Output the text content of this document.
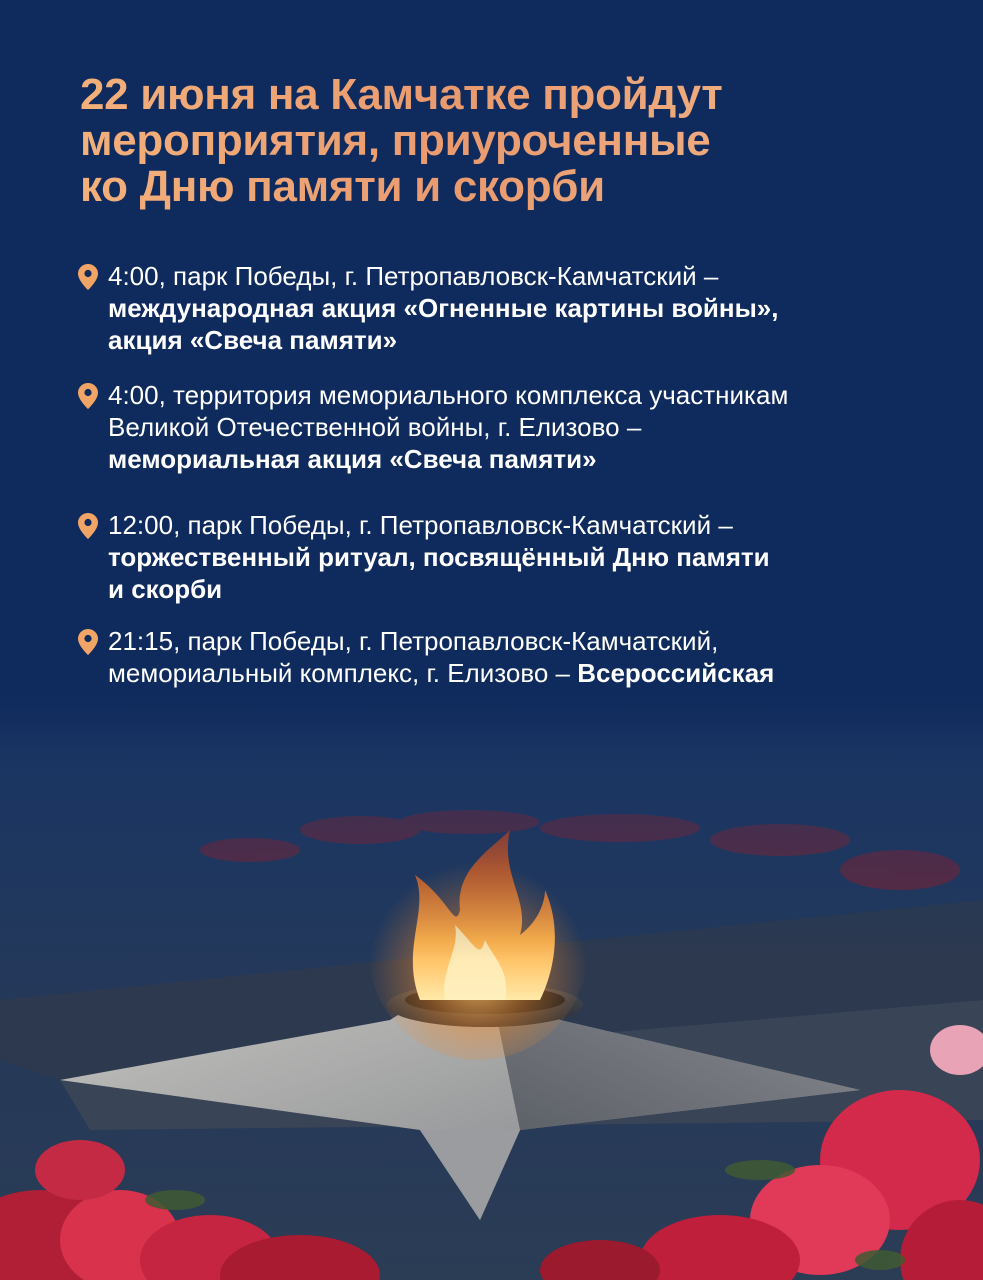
22 июня на Камчатке пройдут
мероприятия, приуроченные
ко Дню памяти и скорби
4:00, парк Победы, г. Петропавловск-Камчатский –
международная акция «Огненные картины войны»,
акция «Свеча памяти»
4:00, территория мемориального комплекса участникам
Великой Отечественной войны, г. Елизово –
мемориальная акция «Свеча памяти»
12:00, парк Победы, г. Петропавловск-Камчатский –
торжественный ритуал, посвящённый Дню памяти
и скорби
21:15, парк Победы, г. Петропавловск-Камчатский,
мемориальный комплекс, г. Елизово – Всероссийская
